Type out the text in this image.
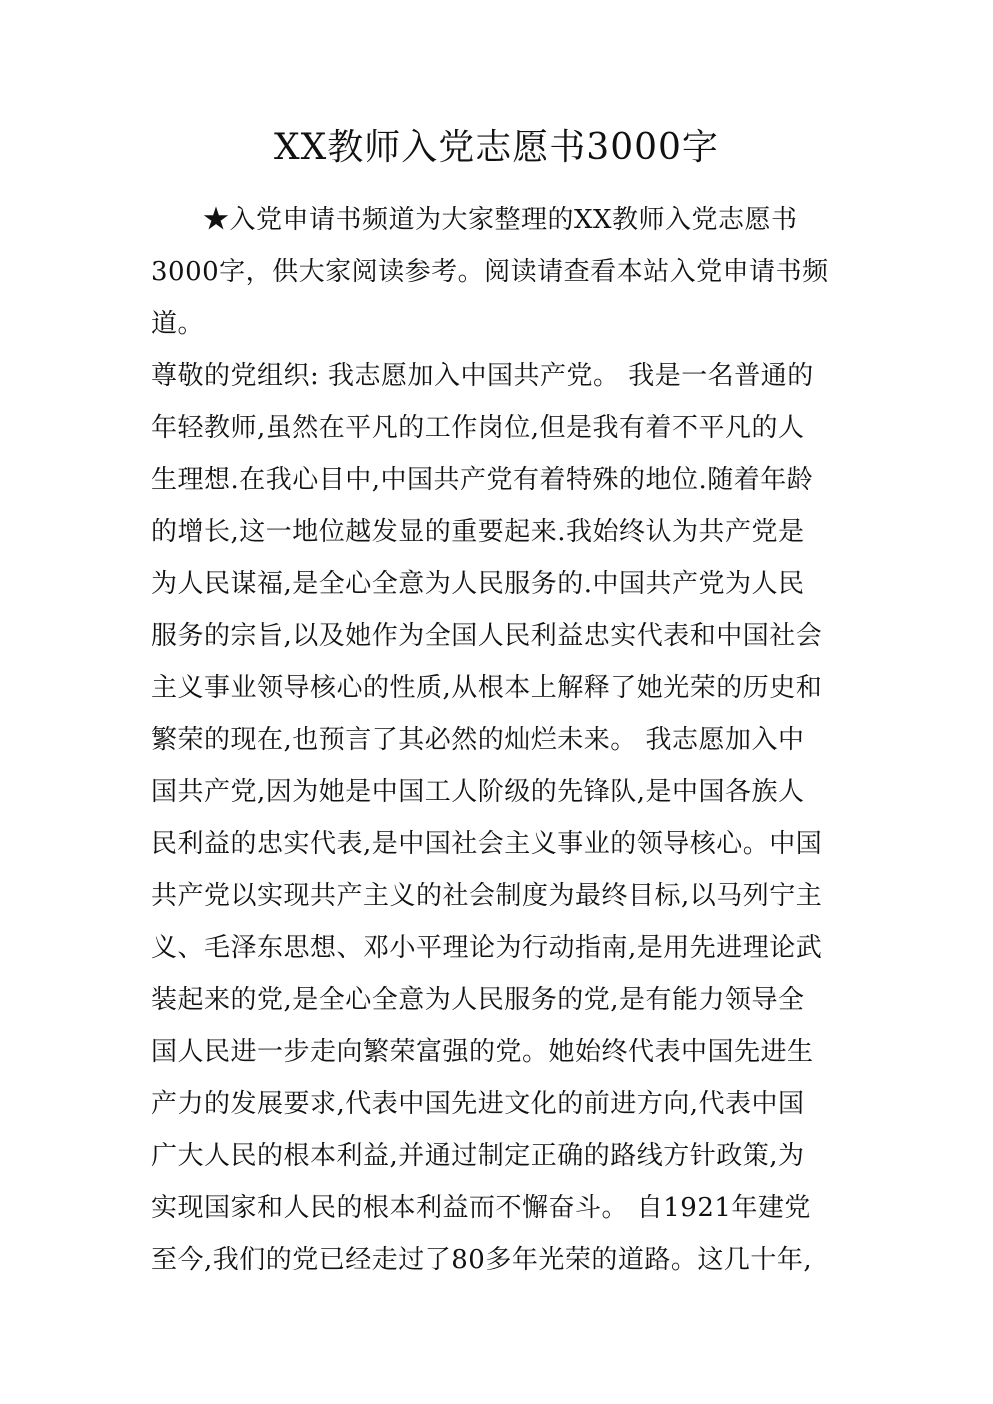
XX教师入党志愿书3000字
★入党申请书频道为大家整理的XX教师入党志愿书
3000字，供大家阅读参考。阅读请查看本站入党申请书频
道。
尊敬的党组织: 我志愿加入中国共产党。 我是一名普通的
年轻教师,虽然在平凡的工作岗位,但是我有着不平凡的人
生理想.在我心目中,中国共产党有着特殊的地位.随着年龄
的增长,这一地位越发显的重要起来.我始终认为共产党是
为人民谋福,是全心全意为人民服务的.中国共产党为人民
服务的宗旨,以及她作为全国人民利益忠实代表和中国社会
主义事业领导核心的性质,从根本上解释了她光荣的历史和
繁荣的现在,也预言了其必然的灿烂未来。 我志愿加入中
国共产党,因为她是中国工人阶级的先锋队,是中国各族人
民利益的忠实代表,是中国社会主义事业的领导核心。中国
共产党以实现共产主义的社会制度为最终目标,以马列宁主
义、毛泽东思想、邓小平理论为行动指南,是用先进理论武
装起来的党,是全心全意为人民服务的党,是有能力领导全
国人民进一步走向繁荣富强的党。她始终代表中国先进生
产力的发展要求,代表中国先进文化的前进方向,代表中国
广大人民的根本利益,并通过制定正确的路线方针政策,为
实现国家和人民的根本利益而不懈奋斗。 自1921年建党
至今,我们的党已经走过了80多年光荣的道路。这几十年,
